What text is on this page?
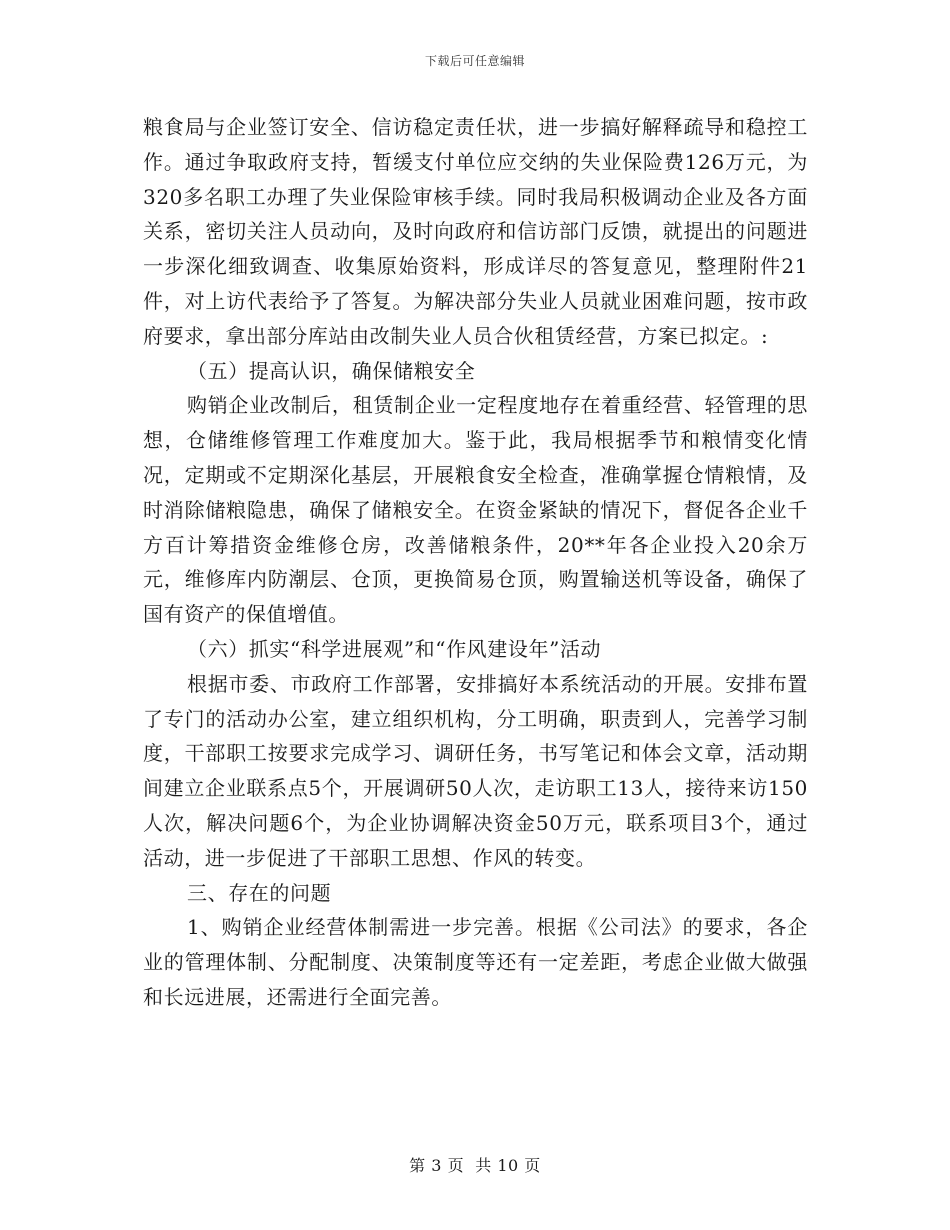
下载后可任意编辑

粮食局与企业签订安全、信访稳定责任状，进一步搞好解释疏导和稳控工作。通过争取政府支持，暂缓支付单位应交纳的失业保险费126万元，为320多名职工办理了失业保险审核手续。同时我局积极调动企业及各方面关系，密切关注人员动向，及时向政府和信访部门反馈，就提出的问题进一步深化细致调查、收集原始资料，形成详尽的答复意见，整理附件21件，对上访代表给予了答复。为解决部分失业人员就业困难问题，按市政府要求，拿出部分库站由改制失业人员合伙租赁经营，方案已拟定。:

（五）提高认识，确保储粮安全

购销企业改制后，租赁制企业一定程度地存在着重经营、轻管理的思想，仓储维修管理工作难度加大。鉴于此，我局根据季节和粮情变化情况，定期或不定期深化基层，开展粮食安全检查，准确掌握仓情粮情，及时消除储粮隐患，确保了储粮安全。在资金紧缺的情况下，督促各企业千方百计筹措资金维修仓房，改善储粮条件，20**年各企业投入20余万元，维修库内防潮层、仓顶，更换简易仓顶，购置输送机等设备，确保了国有资产的保值增值。

（六）抓实“科学进展观”和“作风建设年”活动

根据市委、市政府工作部署，安排搞好本系统活动的开展。安排布置了专门的活动办公室，建立组织机构，分工明确，职责到人，完善学习制度，干部职工按要求完成学习、调研任务，书写笔记和体会文章，活动期间建立企业联系点5个，开展调研50人次，走访职工13人，接待来访150人次，解决问题6个，为企业协调解决资金50万元，联系项目3个，通过活动，进一步促进了干部职工思想、作风的转变。

三、存在的问题

1、购销企业经营体制需进一步完善。根据《公司法》的要求，各企业的管理体制、分配制度、决策制度等还有一定差距，考虑企业做大做强和长远进展，还需进行全面完善。

第 3 页  共 10 页
